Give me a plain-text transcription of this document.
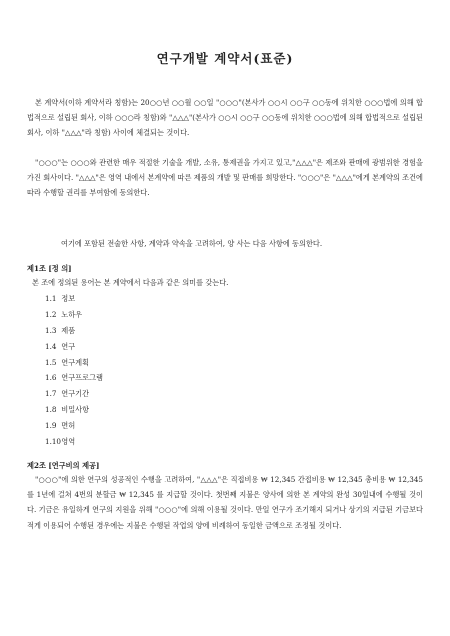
연구개발 계약서(표준)
본 계약서(이하 계약서라 칭함)는 20○○년 ○○월 ○○일 "○○○"(본사가 ○○시 ○○구 ○○동에 위치한 ○○○법에 의해 합법적으로 설립된 회사, 이하 ○○○라 칭함)와 "△△△"(본사가 ○○시 ○○구 ○○동에 위치한 ○○○법에 의해 합법적으로 설립된 회사, 이하 "△△△"라 칭함) 사이에 체결되는 것이다.
"○○○"는 ○○○와 관련한 매우 적절한 기술을 개발, 소유, 통제권을 가지고 있고,"△△△"은 제조와 판매에 광범위한 경험을 가진 회사이다. "△△△"은 영역 내에서 본계약에 따른 제품의 개발 및 판매를 희망한다. "○○○"은 "△△△"에게 본계약의 조건에 따라 수행할 권리를 부여함에 동의한다.
여기에 포함된 전술한 사항, 계약과 약속을 고려하여, 양 사는 다음 사항에 동의한다.
제1조 [정 의]
본 조에 정의된 용어는 본 계약에서 다음과 같은 의미를 갖는다.
1.1 정보
1.2 노하우
1.3 제품
1.4 연구
1.5 연구계획
1.6 연구프로그램
1.7 연구기간
1.8 비밀사항
1.9 면허
1.10 영역
제2조 [연구비의 제공]
"○○○"에 의한 연구의 성공적인 수행을 고려하여, "△△△"은 직접비용 ₩ 12,345 간접비용 ₩ 12,345 총비용 ₩ 12,345 를 1년에 걸쳐 4번의 분할금 ₩ 12,345 를 지급할 것이다. 첫번째 지불은 양사에 의한 본 계약의 완성 30일내에 수행될 것이다. 기금은 유일하게 연구의 지원을 위해 "○○○"에 의해 이용될 것이다. 만일 연구가 조기해지 되거나 상기의 지급된 기금보다 적게 이용되어 수행된 경우에는 지불은 수행된 작업의 양에 비례하여 동일한 금액으로 조정될 것이다.
